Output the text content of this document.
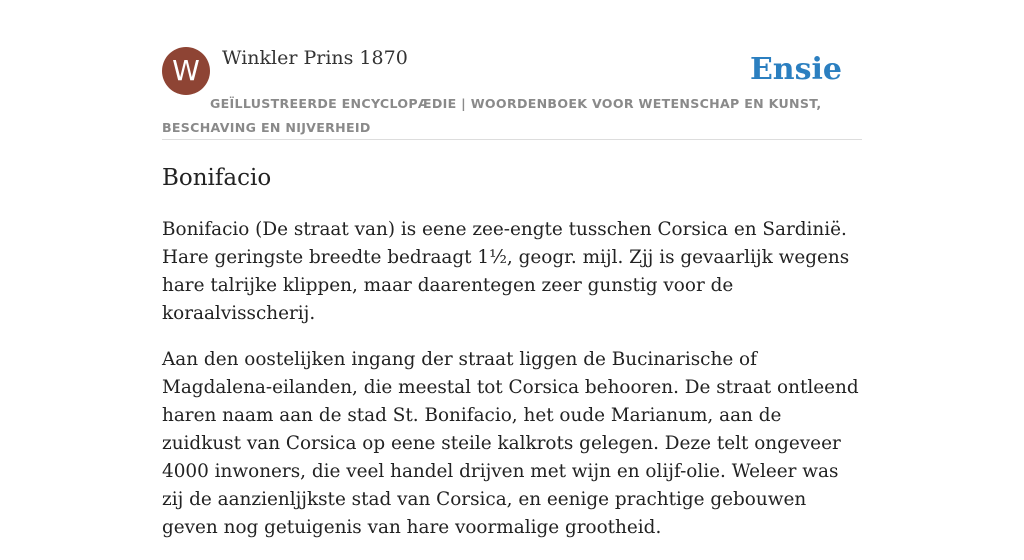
W	Winkler Prins 1870	Ensie
GEÏLLUSTREERDE ENCYCLOPÆDIE | WOORDENBOEK VOOR WETENSCHAP EN KUNST, BESCHAVING EN NIJVERHEID
Bonifacio

Bonifacio (De straat van) is eene zee-engte tusschen Corsica en Sardinië. Hare geringste breedte bedraagt 1½, geogr. mijl. Zjj is gevaarlijk wegens hare talrijke klippen, maar daarentegen zeer gunstig voor de koraalvisscherij.

Aan den oostelijken ingang der straat liggen de Bucinarische of Magdalena-eilanden, die meestal tot Corsica behooren. De straat ontleend haren naam aan de stad St. Bonifacio, het oude Marianum, aan de zuidkust van Corsica op eene steile kalkrots gelegen. Deze telt ongeveer 4000 inwoners, die veel handel drijven met wijn en olijf-olie. Weleer was zij de aanzienljjkste stad van Corsica, en eenige prachtige gebouwen geven nog getuigenis van hare voormalige grootheid.
